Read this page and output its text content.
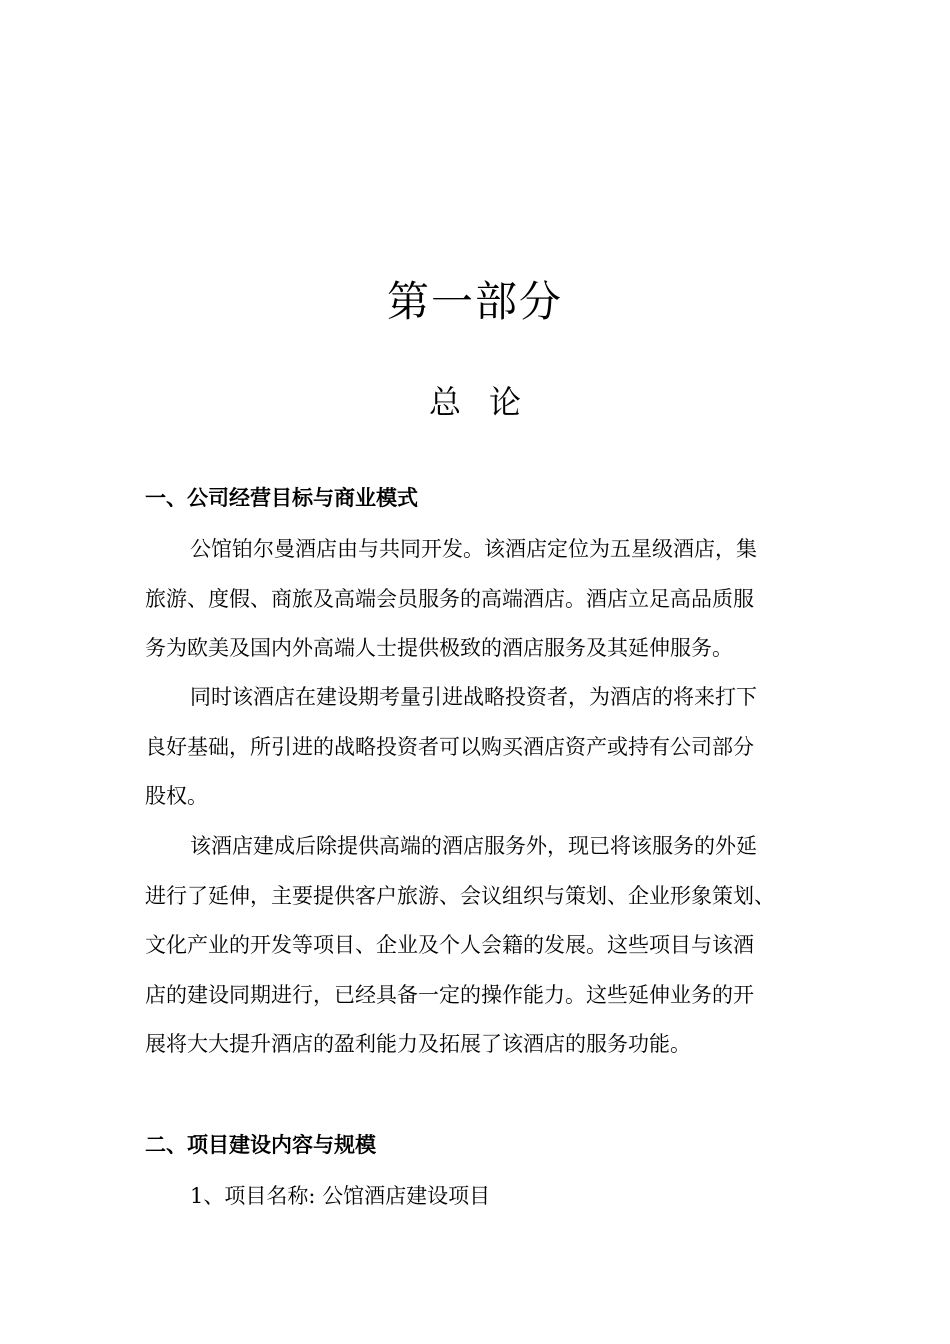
第一部分
总 论
一、公司经营目标与商业模式
公馆铂尔曼酒店由与共同开发。该酒店定位为五星级酒店，集
旅游、度假、商旅及高端会员服务的高端酒店。酒店立足高品质服
务为欧美及国内外高端人士提供极致的酒店服务及其延伸服务。
同时该酒店在建设期考量引进战略投资者，为酒店的将来打下
良好基础，所引进的战略投资者可以购买酒店资产或持有公司部分
股权。
该酒店建成后除提供高端的酒店服务外，现已将该服务的外延
进行了延伸，主要提供客户旅游、会议组织与策划、企业形象策划、
文化产业的开发等项目、企业及个人会籍的发展。这些项目与该酒
店的建设同期进行，已经具备一定的操作能力。这些延伸业务的开
展将大大提升酒店的盈利能力及拓展了该酒店的服务功能。
二、项目建设内容与规模
1、项目名称: 公馆酒店建设项目
